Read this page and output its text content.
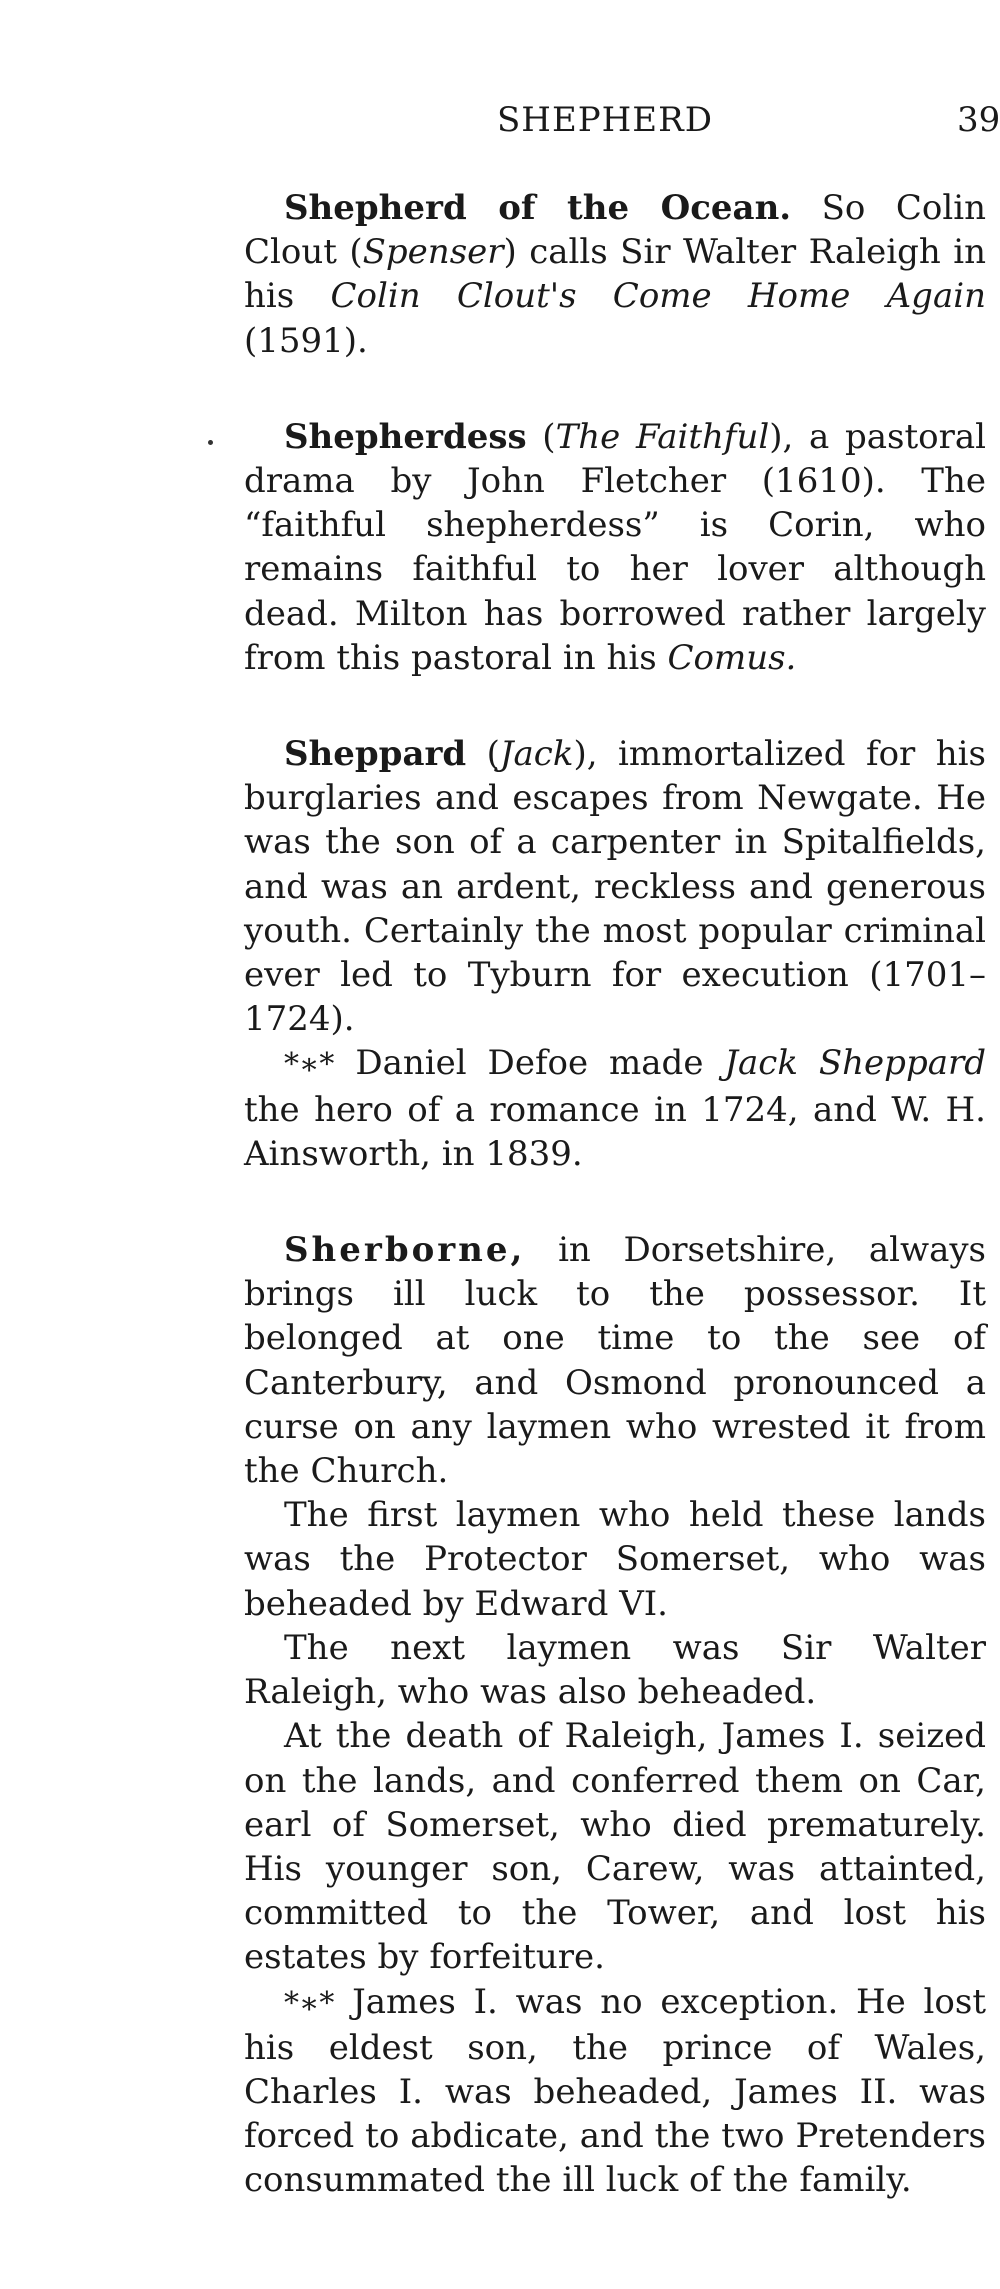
SHEPHERD	39

Shepherd of the Ocean. So Colin Clout (Spenser) calls Sir Walter Raleigh in his Colin Clout's Come Home Again (1591).

Shepherdess (The Faithful), a pastoral drama by John Fletcher (1610). The “faithful shepherdess” is Corin, who remains faithful to her lover although dead. Milton has borrowed rather largely from this pastoral in his Comus.

Sheppard (Jack), immortalized for his burglaries and escapes from Newgate. He was the son of a carpenter in Spitalfields, and was an ardent, reckless and generous youth. Certainly the most popular criminal ever led to Tyburn for execution (1701–1724).

*∗* Daniel Defoe made Jack Sheppard the hero of a romance in 1724, and W. H. Ainsworth, in 1839.

Sherborne, in Dorsetshire, always brings ill luck to the possessor. It belonged at one time to the see of Canterbury, and Osmond pronounced a curse on any laymen who wrested it from the Church.

The first laymen who held these lands was the Protector Somerset, who was beheaded by Edward VI.

The next laymen was Sir Walter Raleigh, who was also beheaded.

At the death of Raleigh, James I. seized on the lands, and conferred them on Car, earl of Somerset, who died prematurely. His younger son, Carew, was attainted, committed to the Tower, and lost his estates by forfeiture.

*∗* James I. was no exception. He lost his eldest son, the prince of Wales, Charles I. was beheaded, James II. was forced to abdicate, and the two Pretenders consummated the ill luck of the family.
